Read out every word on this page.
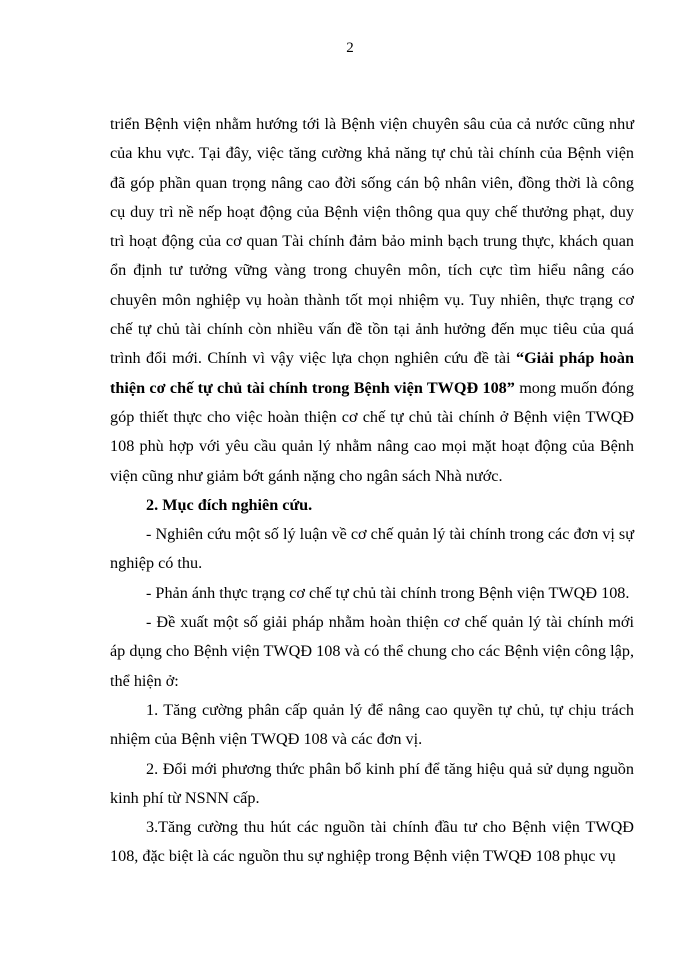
2

triển Bệnh viện nhằm hướng tới là Bệnh viện chuyên sâu của cả nước cũng như của khu vực. Tại đây, việc tăng cường khả năng tự chủ tài chính của Bệnh viện đã góp phần quan trọng nâng cao đời sống cán bộ nhân viên, đồng thời là công cụ duy trì nề nếp hoạt động của Bệnh viện thông qua quy chế thưởng phạt, duy trì hoạt động của cơ quan Tài chính đảm bảo minh bạch trung thực, khách quan ổn định tư tưởng vững vàng trong chuyên môn, tích cực tìm hiểu nâng cáo chuyên môn nghiệp vụ hoàn thành tốt mọi nhiệm vụ. Tuy nhiên, thực trạng cơ chế tự chủ tài chính còn nhiều vấn đề tồn tại ảnh hưởng đến mục tiêu của quá trình đổi mới. Chính vì vậy việc lựa chọn nghiên cứu đề tài “Giải pháp hoàn thiện cơ chế tự chủ tài chính trong Bệnh viện TWQĐ 108” mong muốn đóng góp thiết thực cho việc hoàn thiện cơ chế tự chủ tài chính ở Bệnh viện TWQĐ 108 phù hợp với yêu cầu quản lý nhằm nâng cao mọi mặt hoạt động của Bệnh viện cũng như giảm bớt gánh nặng cho ngân sách Nhà nước.

2. Mục đích nghiên cứu.

- Nghiên cứu một số lý luận về cơ chế quản lý tài chính trong các đơn vị sự nghiệp có thu.

- Phản ánh thực trạng cơ chế tự chủ tài chính trong Bệnh viện TWQĐ 108.

- Đề xuất một số giải pháp nhằm hoàn thiện cơ chế quản lý tài chính mới áp dụng cho Bệnh viện TWQĐ 108 và có thể chung cho các Bệnh viện công lập, thể hiện ở:

1. Tăng cường phân cấp quản lý để nâng cao quyền tự chủ, tự chịu trách nhiệm của Bệnh viện TWQĐ 108 và các đơn vị.

2. Đổi mới phương thức phân bổ kinh phí để tăng hiệu quả sử dụng nguồn kinh phí từ NSNN cấp.

3.Tăng cường thu hút các nguồn tài chính đầu tư cho Bệnh viện TWQĐ 108, đặc biệt là các nguồn thu sự nghiệp trong Bệnh viện TWQĐ 108 phục vụ
